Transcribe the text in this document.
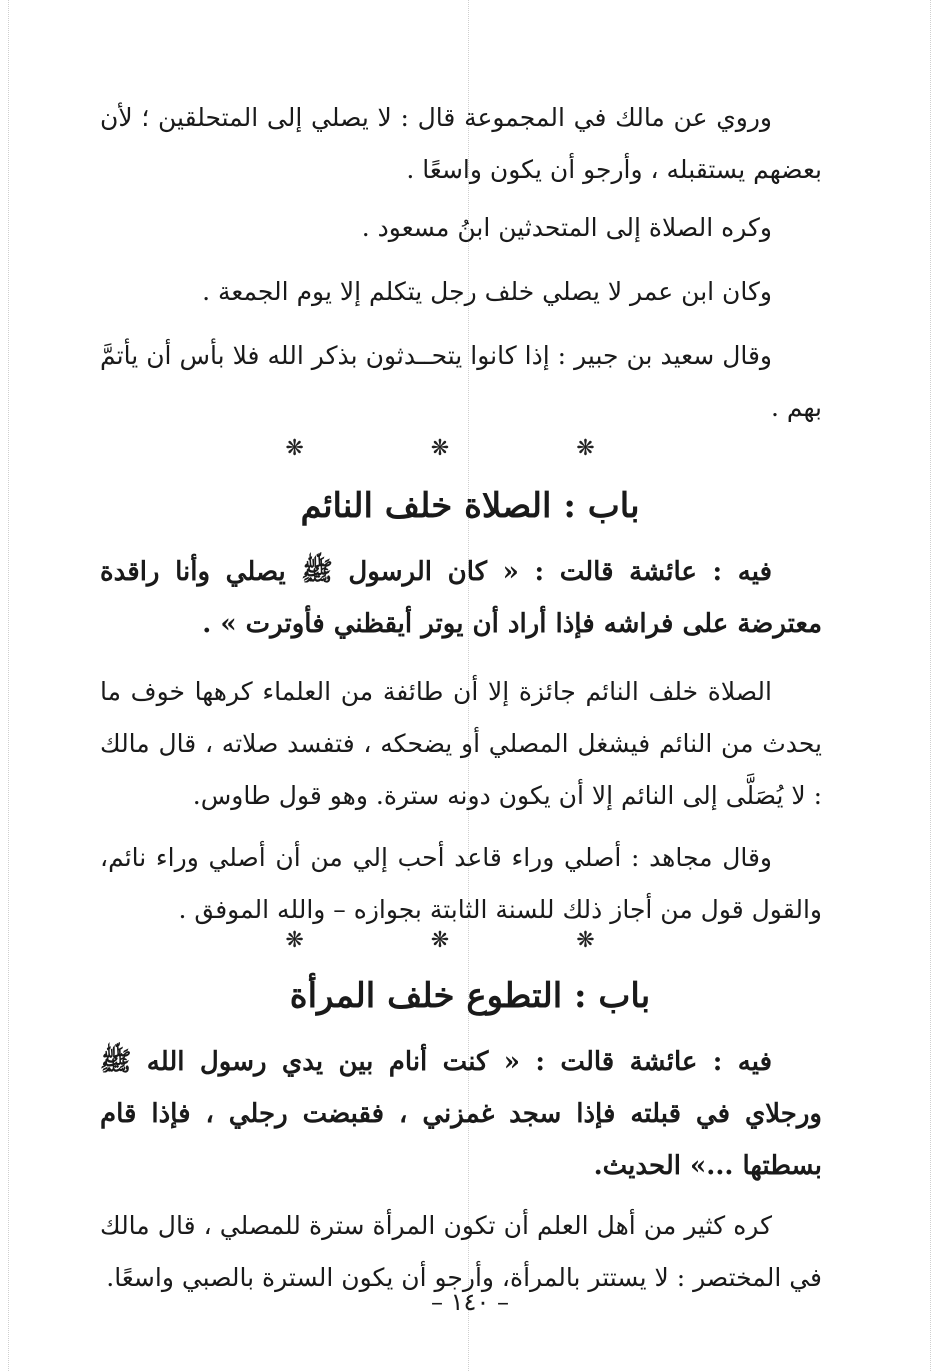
وروي عن مالك في المجموعة قال : لا يصلي إلى المتحلقين ؛ لأن بعضهم يستقبله ، وأرجو أن يكون واسعًا .

وكره الصلاة إلى المتحدثين ابنُ مسعود .

وكان ابن عمر لا يصلي خلف رجل يتكلم إلا يوم الجمعة .

وقال سعيد بن جبير : إذا كانوا يتحــدثون بذكر الله فلا بأس أن يأتمَّ بهم .

❋ ❋ ❋
باب : الصلاة خلف النائم

فيه : عائشة قالت : « كان الرسول ﷺ يصلي وأنا راقدة معترضة على فراشه فإذا أراد أن يوتر أيقظني فأوترت » .

الصلاة خلف النائم جائزة إلا أن طائفة من العلماء كرهها خوف ما يحدث من النائم فيشغل المصلي أو يضحكه ، فتفسد صلاته ، قال مالك : لا يُصَلَّى إلى النائم إلا أن يكون دونه سترة. وهو قول طاوس.

وقال مجاهد : أصلي وراء قاعد أحب إلي من أن أصلي وراء نائم، والقول قول من أجاز ذلك للسنة الثابتة بجوازه – والله الموفق .

❋ ❋ ❋
باب : التطوع خلف المرأة

فيه : عائشة قالت : « كنت أنام بين يدي رسول الله ﷺ ورجلاي في قبلته فإذا سجد غمزني ، فقبضت رجلي ، فإذا قام بسطتها ...» الحديث.

كره كثير من أهل العلم أن تكون المرأة سترة للمصلي ، قال مالك في المختصر : لا يستتر بالمرأة، وأرجو أن يكون السترة بالصبي واسعًا.

– ١٤٠ –
